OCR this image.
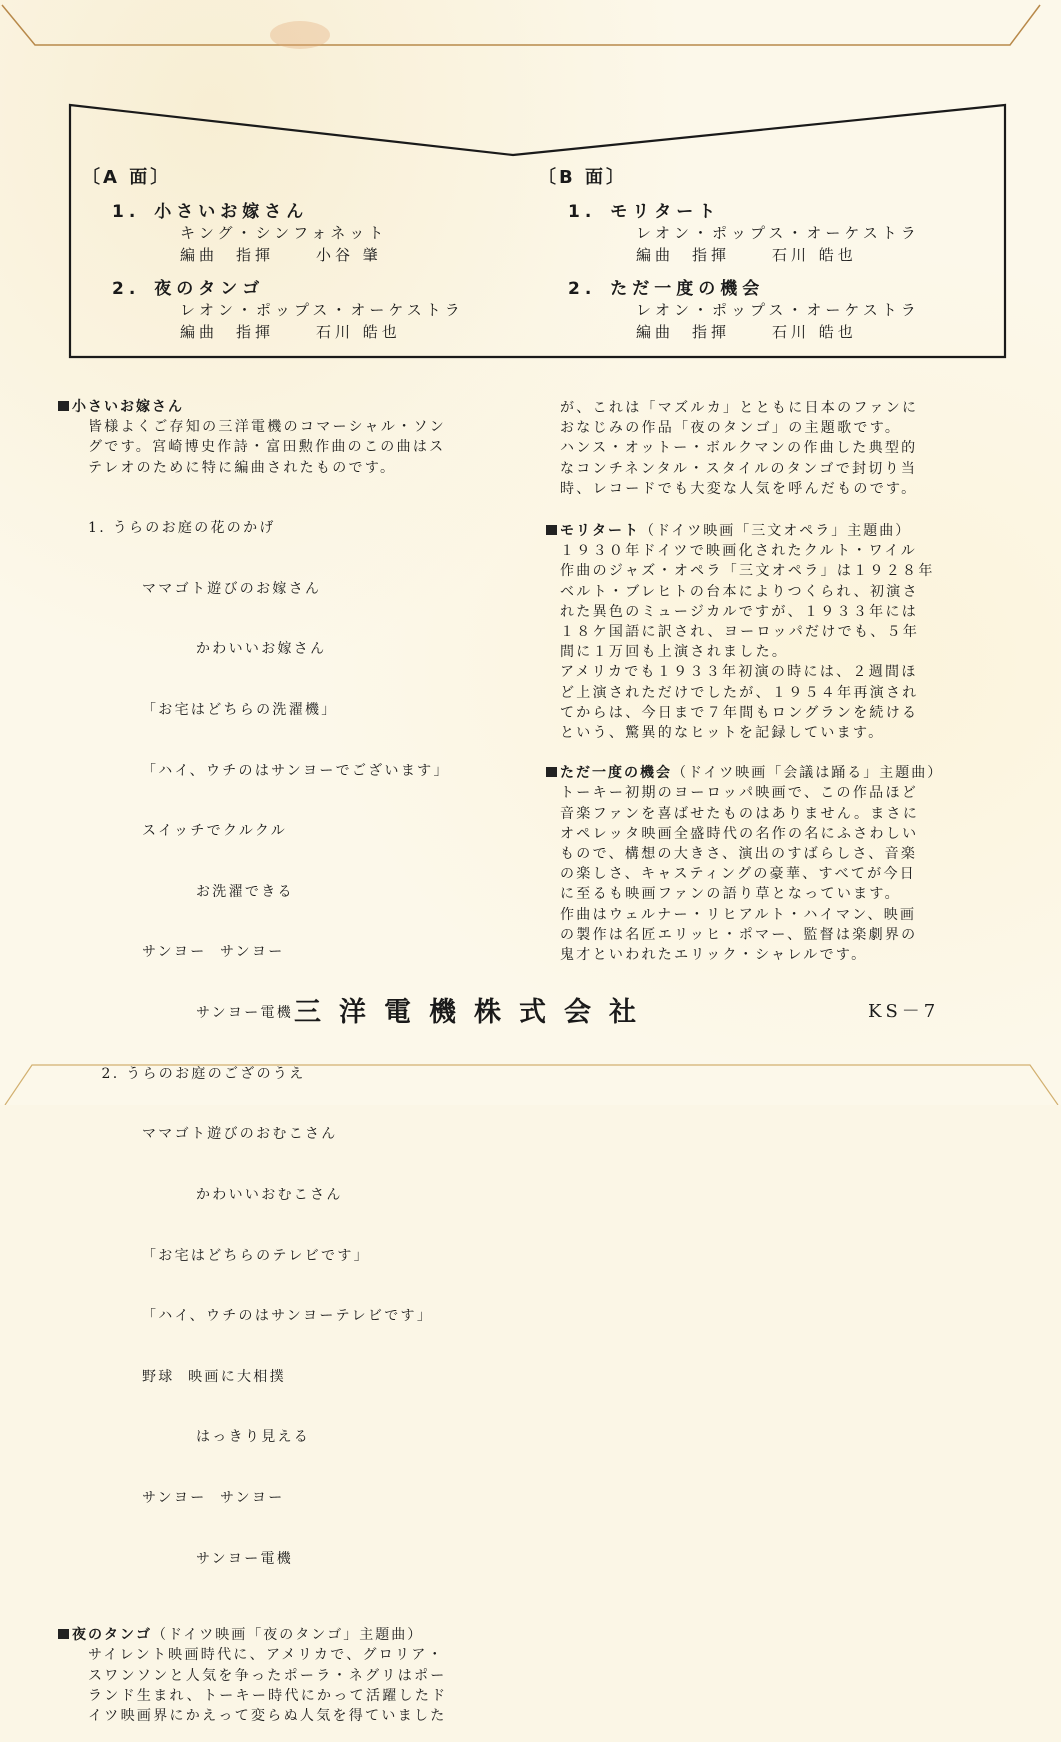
〔A 面〕
1. 小さいお嫁さん
キング・シンフォネット
編曲 指揮	小谷 肇
2. 夜のタンゴ
レオン・ポップス・オーケストラ
編曲 指揮	石川 皓也
〔B 面〕
1. モリタート
レオン・ポップス・オーケストラ
編曲 指揮	石川 皓也
2. ただ一度の機会
レオン・ポップス・オーケストラ
編曲 指揮	石川 皓也
小さいお嫁さん
皆様よくご存知の三洋電機のコマーシャル・ソン
グです。宮崎博史作詩・富田勲作曲のこの曲はス
テレオのために特に編曲されたものです。

1. うらのお庭の花のかげ

ママゴト遊びのお嫁さん

かわいいお嫁さん

「お宅はどちらの洗濯機」

「ハイ、ウチのはサンヨーでございます」

スイッチでクルクル

お洗濯できる

サンヨー  サンヨー

サンヨー電機

2. うらのお庭のござのうえ

ママゴト遊びのおむこさん

かわいいおむこさん

「お宅はどちらのテレビです」

「ハイ、ウチのはサンヨーテレビです」

野球  映画に大相撲

はっきり見える

サンヨー  サンヨー

サンヨー電機

夜のタンゴ（ドイツ映画「夜のタンゴ」主題曲）
サイレント映画時代に、アメリカで、グロリア・
スワンソンと人気を争ったポーラ・ネグリはポー
ランド生まれ、トーキー時代にかって活躍したド
イツ映画界にかえって変らぬ人気を得ていました
が、これは「マズルカ」とともに日本のファンに
おなじみの作品「夜のタンゴ」の主題歌です。
ハンス・オットー・ボルクマンの作曲した典型的
なコンチネンタル・スタイルのタンゴで封切り当
時、レコードでも大変な人気を呼んだものです。
モリタート（ドイツ映画「三文オペラ」主題曲）
１９３０年ドイツで映画化されたクルト・ワイル
作曲のジャズ・オペラ「三文オペラ」は１９２８年
ベルト・ブレヒトの台本によりつくられ、初演さ
れた異色のミュージカルですが、１９３３年には
１８ケ国語に訳され、ヨーロッパだけでも、５年
間に１万回も上演されました。
アメリカでも１９３３年初演の時には、２週間ほ
ど上演されただけでしたが、１９５４年再演され
てからは、今日まで７年間もロングランを続ける
という、驚異的なヒットを記録しています。
ただ一度の機会（ドイツ映画「会議は踊る」主題曲）
トーキー初期のヨーロッパ映画で、この作品ほど
音楽ファンを喜ばせたものはありません。まさに
オペレッタ映画全盛時代の名作の名にふさわしい
もので、構想の大きさ、演出のすばらしさ、音楽
の楽しさ、キャスティングの豪華、すべてが今日
に至るも映画ファンの語り草となっています。
作曲はウェルナー・リヒアルト・ハイマン、映画
の製作は名匠エリッヒ・ポマー、監督は楽劇界の
鬼才といわれたエリック・シャレルです。
三洋電機株式会社	KS－7
